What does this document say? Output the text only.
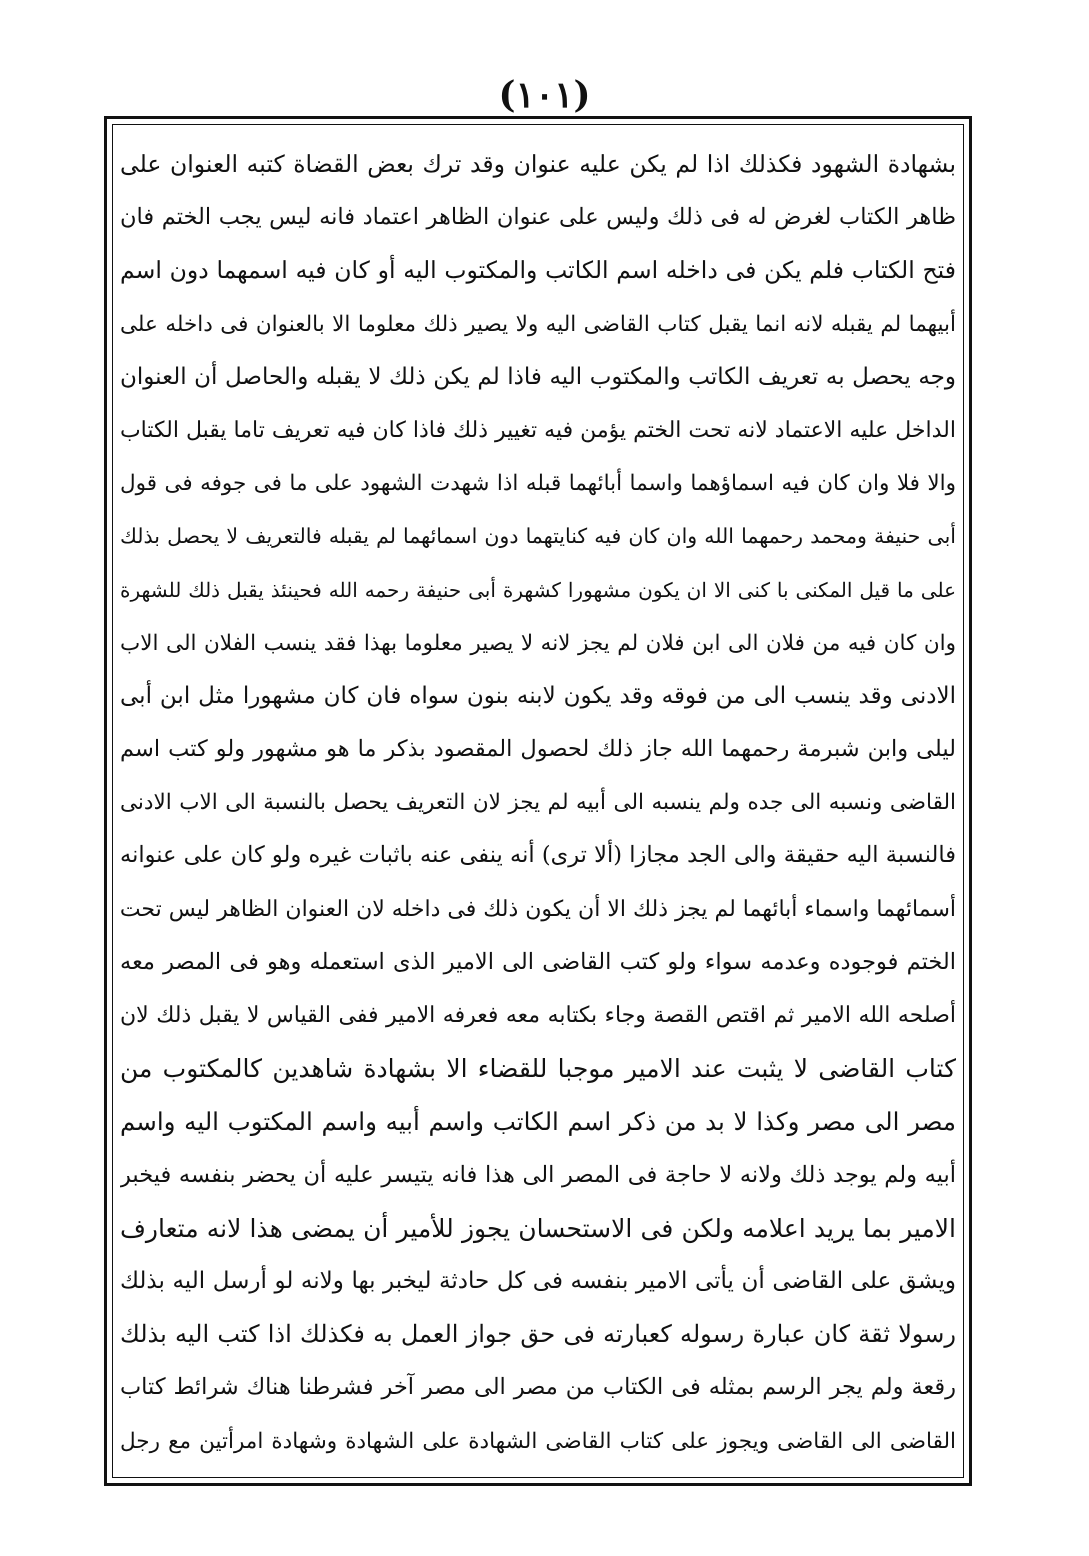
(١٠١)
بشهادة الشهود فكذلك اذا لم يكن عليه عنوان وقد ترك بعض القضاة كتبه العنوان على
ظاهر الكتاب لغرض له فى ذلك وليس على عنوان الظاهر اعتماد فانه ليس يجب الختم فان
فتح الكتاب فلم يكن فى داخله اسم الكاتب والمكتوب اليه أو كان فيه اسمهما دون اسم
أبيهما لم يقبله لانه انما يقبل كتاب القاضى اليه ولا يصير ذلك معلوما الا بالعنوان فى داخله على
وجه يحصل به تعريف الكاتب والمكتوب اليه فاذا لم يكن ذلك لا يقبله والحاصل أن العنوان
الداخل عليه الاعتماد لانه تحت الختم يؤمن فيه تغيير ذلك فاذا كان فيه تعريف تاما يقبل الكتاب
والا فلا وان كان فيه اسماؤهما واسما أبائهما قبله اذا شهدت الشهود على ما فى جوفه فى قول
أبى حنيفة ومحمد رحمهما الله وان كان فيه كنايتهما دون اسمائهما لم يقبله فالتعريف لا يحصل بذلك
على ما قيل المكنى با كنى الا ان يكون مشهورا كشهرة أبى حنيفة رحمه الله فحينئذ يقبل ذلك للشهرة
وان كان فيه من فلان الى ابن فلان لم يجز لانه لا يصير معلوما بهذا فقد ينسب الفلان الى الاب
الادنى وقد ينسب الى من فوقه وقد يكون لابنه بنون سواه فان كان مشهورا مثل ابن أبى
ليلى وابن شبرمة رحمهما الله جاز ذلك لحصول المقصود بذكر ما هو مشهور ولو كتب اسم
القاضى ونسبه الى جده ولم ينسبه الى أبيه لم يجز لان التعريف يحصل بالنسبة الى الاب الادنى
فالنسبة اليه حقيقة والى الجد مجازا (ألا ترى) أنه ينفى عنه باثبات غيره ولو كان على عنوانه
أسمائهما واسماء أبائهما لم يجز ذلك الا أن يكون ذلك فى داخله لان العنوان الظاهر ليس تحت
الختم فوجوده وعدمه سواء ولو كتب القاضى الى الامير الذى استعمله وهو فى المصر معه
أصلحه الله الامير ثم اقتص القصة وجاء بكتابه معه فعرفه الامير ففى القياس لا يقبل ذلك لان
كتاب القاضى لا يثبت عند الامير موجبا للقضاء الا بشهادة شاهدين كالمكتوب من
مصر الى مصر وكذا لا بد من ذكر اسم الكاتب واسم أبيه واسم المكتوب اليه واسم
أبيه ولم يوجد ذلك ولانه لا حاجة فى المصر الى هذا فانه يتيسر عليه أن يحضر بنفسه فيخبر
الامير بما يريد اعلامه ولكن فى الاستحسان يجوز للأمير أن يمضى هذا لانه متعارف
ويشق على القاضى أن يأتى الامير بنفسه فى كل حادثة ليخبر بها ولانه لو أرسل اليه بذلك
رسولا ثقة كان عبارة رسوله كعبارته فى حق جواز العمل به فكذلك اذا كتب اليه بذلك
رقعة ولم يجر الرسم بمثله فى الكتاب من مصر الى مصر آخر فشرطنا هناك شرائط كتاب
القاضى الى القاضى ويجوز على كتاب القاضى الشهادة على الشهادة وشهادة امرأتين مع رجل
